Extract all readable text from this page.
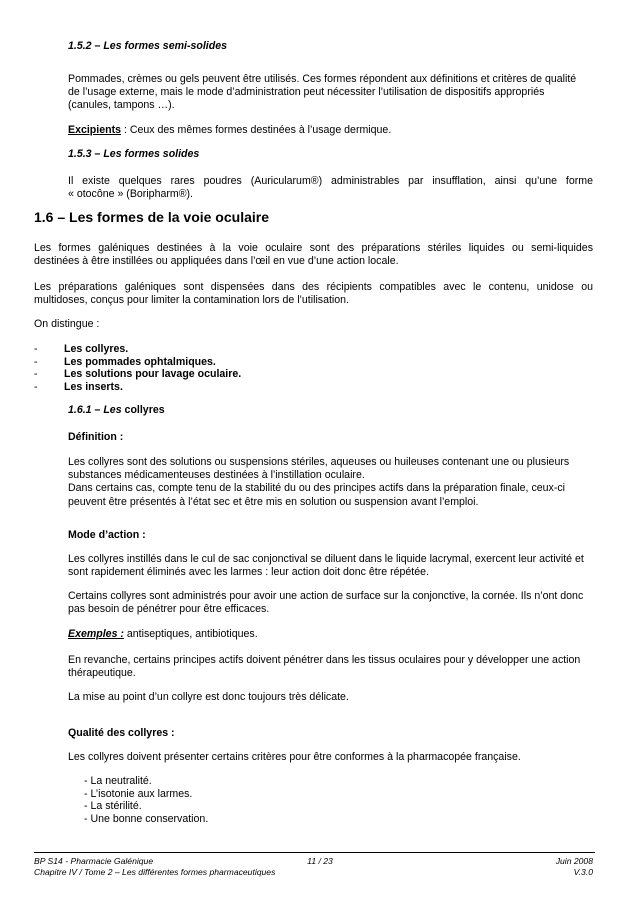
1.5.2 – Les formes semi-solides
Pommades, crèmes ou gels peuvent être utilisés. Ces formes répondent aux définitions et critères de qualité
de l’usage externe, mais le mode d’administration peut nécessiter l’utilisation de dispositifs appropriés
(canules, tampons …).
Excipients : Ceux des mêmes formes destinées à l’usage dermique.
1.5.3 – Les formes solides
Il existe quelques rares poudres (Auricularum®) administrables par insufflation, ainsi qu’une forme
« otocône » (Boripharm®).
1.6 – Les formes de la voie oculaire
Les formes galéniques destinées à la voie oculaire sont des préparations stériles liquides ou semi-liquides
destinées à être instillées ou appliquées dans l’œil en vue d’une action locale.
Les préparations galéniques sont dispensées dans des récipients compatibles avec le contenu, unidose ou
multidoses, conçus pour limiter la contamination lors de l’utilisation.
On distingue :
- Les collyres.
- Les pommades ophtalmiques.
- Les solutions pour lavage oculaire.
- Les inserts.
1.6.1 – Les collyres
Définition :
Les collyres sont des solutions ou suspensions stériles, aqueuses ou huileuses contenant une ou plusieurs
substances médicamenteuses destinées à l’instillation oculaire.
Dans certains cas, compte tenu de la stabilité du ou des principes actifs dans la préparation finale, ceux-ci
peuvent être présentés à l’état sec et être mis en solution ou suspension avant l’emploi.
Mode d’action :
Les collyres instillés dans le cul de sac conjonctival se diluent dans le liquide lacrymal, exercent leur activité et
sont rapidement éliminés avec les larmes : leur action doit donc être répétée.
Certains collyres sont administrés pour avoir une action de surface sur la conjonctive, la cornée. Ils n’ont donc
pas besoin de pénétrer pour être efficaces.
Exemples : antiseptiques, antibiotiques.
En revanche, certains principes actifs doivent pénétrer dans les tissus oculaires pour y développer une action
thérapeutique.
La mise au point d’un collyre est donc toujours très délicate.
Qualité des collyres :
Les collyres doivent présenter certains critères pour être conformes à la pharmacopée française.
- La neutralité.
- L’isotonie aux larmes.
- La stérilité.
- Une bonne conservation.
BP S14 - Pharmacie Galénique
Chapitre IV / Tome 2 – Les différentes formes pharmaceutiques
11 / 23	Juin 2008
V.3.0
